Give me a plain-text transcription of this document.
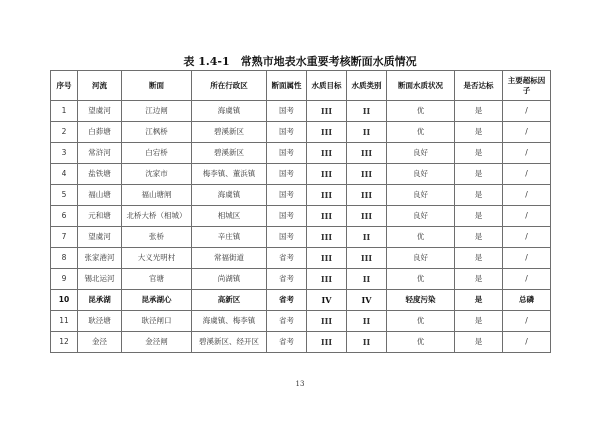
表 1.4-1　常熟市地表水重要考核断面水质情况
序号	河流	断面	所在行政区	断面属性	水质目标	水质类别	断面水质状况	是否达标	主要超标因子
1	望虞河	江边闸	海虞镇	国考	III	II	优	是	/
2	白茆塘	江枫桥	碧溪新区	国考	III	II	优	是	/
3	常浒河	白宕桥	碧溪新区	国考	III	III	良好	是	/
4	盐铁塘	沈家市	梅李镇、董浜镇	国考	III	III	良好	是	/
5	福山塘	福山塘闸	海虞镇	国考	III	III	良好	是	/
6	元和塘	北桥大桥（相城）	相城区	国考	III	III	良好	是	/
7	望虞河	张桥	辛庄镇	国考	III	II	优	是	/
8	张家港河	大义光明村	常福街道	省考	III	III	良好	是	/
9	锡北运河	官塘	尚湖镇	省考	III	II	优	是	/
10	昆承湖	昆承湖心	高新区	省考	IV	IV	轻度污染	是	总磷
11	耿泾塘	耿泾闸口	海虞镇、梅李镇	省考	III	II	优	是	/
12	金泾	金泾闸	碧溪新区、经开区	省考	III	II	优	是	/
13
